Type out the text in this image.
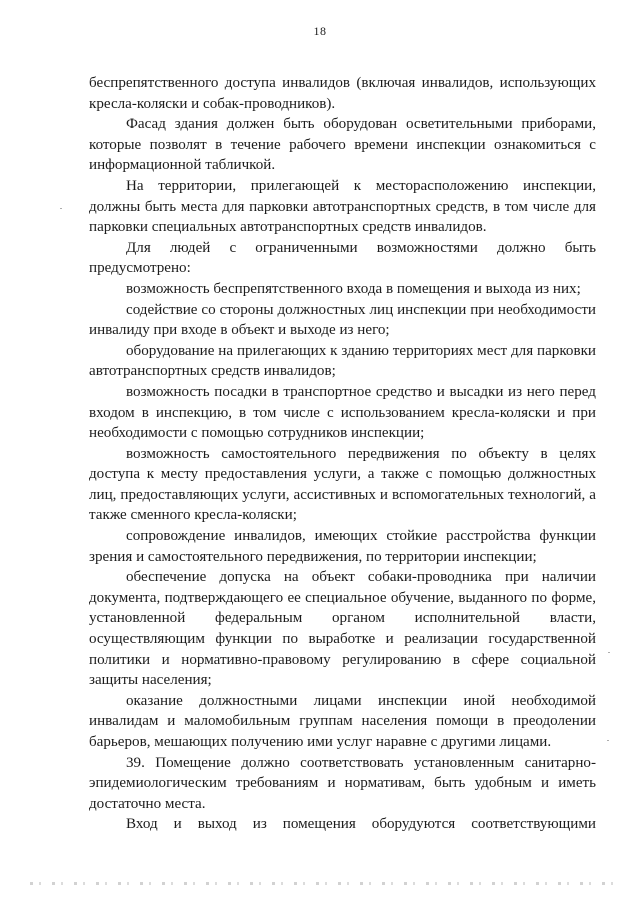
18

беспрепятственного доступа инвалидов (включая инвалидов, использующих кресла-коляски и собак-проводников).

Фасад здания должен быть оборудован осветительными приборами, которые позволят в течение рабочего времени инспекции ознакомиться с информационной табличкой.

На территории, прилегающей к месторасположению инспекции, должны быть места для парковки автотранспортных средств, в том числе для парковки специальных автотранспортных средств инвалидов.

Для людей с ограниченными возможностями должно быть предусмотрено:

возможность беспрепятственного входа в помещения и выхода из них;

содействие со стороны должностных лиц инспекции при необходимости инвалиду при входе в объект и выходе из него;

оборудование на прилегающих к зданию территориях мест для парковки автотранспортных средств инвалидов;

возможность посадки в транспортное средство и высадки из него перед входом в инспекцию, в том числе с использованием кресла-коляски и при необходимости с помощью сотрудников инспекции;

возможность самостоятельного передвижения по объекту в целях доступа к месту предоставления услуги, а также с помощью должностных лиц, предоставляющих услуги, ассистивных и вспомогательных технологий, а также сменного кресла-коляски;

сопровождение инвалидов, имеющих стойкие расстройства функции зрения и самостоятельного передвижения, по территории инспекции;

обеспечение допуска на объект собаки-проводника при наличии документа, подтверждающего ее специальное обучение, выданного по форме, установленной федеральным органом исполнительной власти, осуществляющим функции по выработке и реализации государственной политики и нормативно-правовому регулированию в сфере социальной защиты населения;

оказание должностными лицами инспекции иной необходимой инвалидам и маломобильным группам населения помощи в преодолении барьеров, мешающих получению ими услуг наравне с другими лицами.

39. Помещение должно соответствовать установленным санитарно-эпидемиологическим требованиям и нормативам, быть удобным и иметь достаточно места.

Вход и выход из помещения оборудуются соответствующими
